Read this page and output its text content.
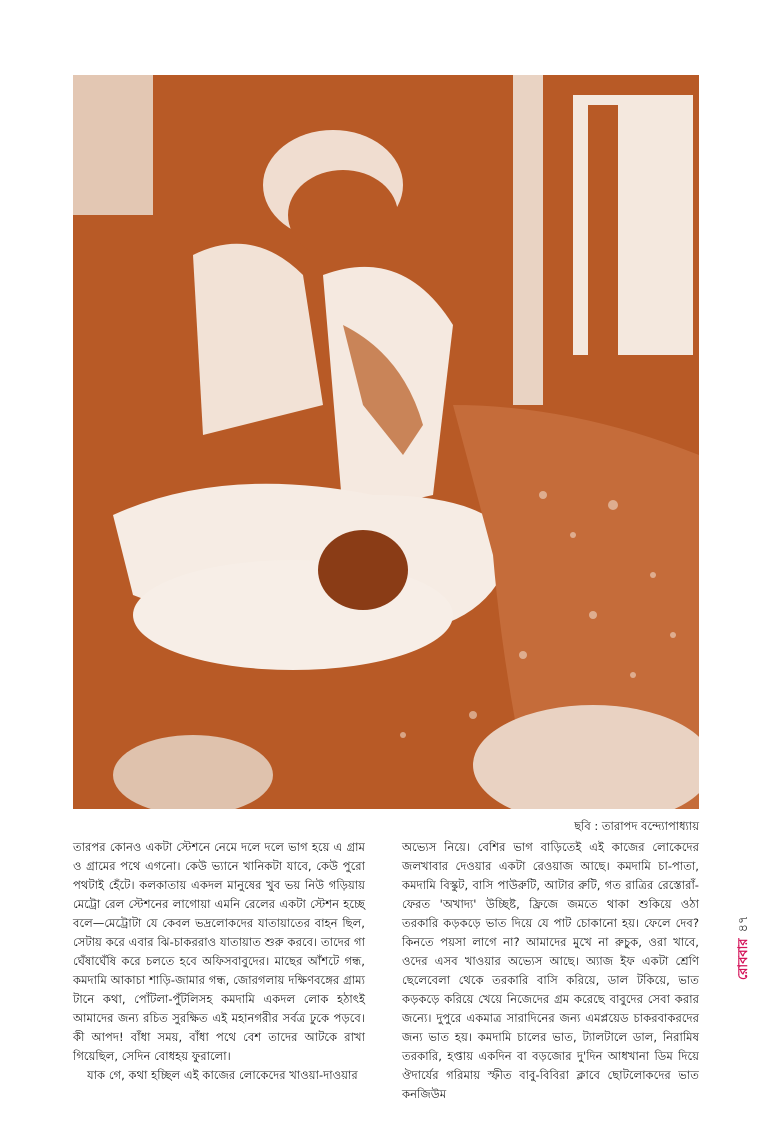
ছবি : তারাপদ বন্দ্যোপাধ্যায়

তারপর কোনও একটা স্টেশনে নেমে দলে দলে ভাগ হয়ে এ গ্রাম ও গ্রামের পথে এগনো। কেউ ভ্যানে খানিকটা যাবে, কেউ পুরো পথটাই হেঁটে। কলকাতায় একদল মানুষের খুব ভয় নিউ গড়িয়ায় মেট্রো রেল স্টেশনের লাগোয়া এমনি রেলের একটা স্টেশন হচ্ছে বলে—মেট্রোটা যে কেবল ভদ্রলোকদের যাতায়াতের বাহন ছিল, সেটায় করে এবার ঝি-চাকররাও যাতায়াত শুরু করবে। তাদের গা ঘেঁষাঘেঁষি করে চলতে হবে অফিসবাবুদের। মাছের আঁশটে গন্ধ, কমদামি আকাচা শাড়ি-জামার গন্ধ, জোরগলায় দক্ষিণবঙ্গের গ্রাম্য টানে কথা, পোঁটলা-পুঁটলিসহ কমদামি একদল লোক হঠাৎই আমাদের জন্য রচিত সুরক্ষিত এই মহানগরীর সর্বত্র ঢুকে পড়বে। কী আপদ! বাঁধা সময়, বাঁধা পথে বেশ তাদের আটকে রাখা গিয়েছিল, সেদিন বোধহয় ফুরালো।

যাক গে, কথা হচ্ছিল এই কাজের লোকেদের খাওয়া-দাওয়ার

অভ্যেস নিয়ে। বেশির ভাগ বাড়িতেই এই কাজের লোকেদের জলখাবার দেওয়ার একটা রেওয়াজ আছে। কমদামি চা-পাতা, কমদামি বিস্কুট, বাসি পাউরুটি, আটার রুটি, গত রাত্রির রেস্তোরাঁ-ফেরত 'অখাদ্য' উচ্ছিষ্ট, ফ্রিজে জমতে থাকা শুকিয়ে ওঠা তরকারি কড়কড়ে ভাত দিয়ে যে পাট চোকানো হয়। ফেলে দেব? কিনতে পয়সা লাগে না? আমাদের মুখে না রুচুক, ওরা খাবে, ওদের এসব খাওয়ার অভ্যেস আছে। অ্যাজ ইফ একটা শ্রেণি ছেলেবেলা থেকে তরকারি বাসি করিয়ে, ডাল টকিয়ে, ভাত কড়কড়ে করিয়ে খেয়ে নিজেদের গ্রম করেছে বাবুদের সেবা করার জন্যে। দুপুরে একমাত্র সারাদিনের জন্য এমপ্লয়েড চাকরবাকরদের জন্য ভাত হয়। কমদামি চালের ভাত, ট্যালটালে ডাল, নিরামিষ তরকারি, হপ্তায় একদিন বা বড়জোর দু'দিন আধখানা ডিম দিয়ে ঔদার্যের গরিমায় স্ফীত বাবু-বিবিরা ক্লাবে ছোটলোকদের ভাত কনজিউম

রোববার৪৭
